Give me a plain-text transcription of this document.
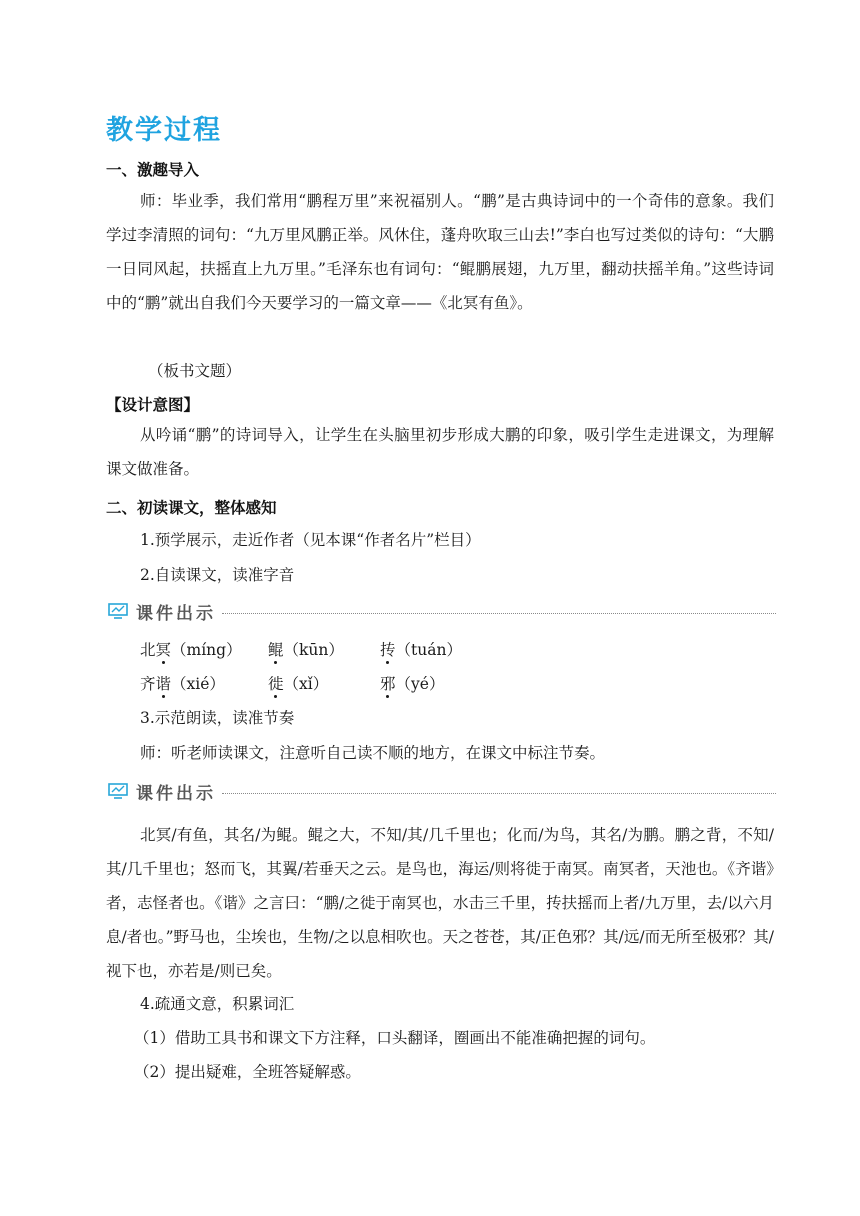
教学过程

一、激趣导入

师：毕业季，我们常用“鹏程万里”来祝福别人。“鹏”是古典诗词中的一个奇伟的意象。我们学过李清照的词句：“九万里风鹏正举。风休住，蓬舟吹取三山去!”李白也写过类似的诗句：“大鹏一日同风起，扶摇直上九万里。”毛泽东也有词句：“鲲鹏展翅，九万里，翻动扶摇羊角。”这些诗词中的“鹏”就出自我们今天要学习的一篇文章——《北冥有鱼》。

（板书文题）

【设计意图】

从吟诵“鹏”的诗词导入，让学生在头脑里初步形成大鹏的印象，吸引学生走进课文，为理解课文做准备。

二、初读课文，整体感知

1.预学展示，走近作者（见本课“作者名片”栏目）

2.自读课文，读准字音

课件出示
北冥（míng）	鲲（kūn）	抟（tuán）
齐谐（xié）	徙（xǐ）	邪（yé）

3.示范朗读，读准节奏

师：听老师读课文，注意听自己读不顺的地方，在课文中标注节奏。

课件出示

北冥/有鱼，其名/为鲲。鲲之大，不知/其/几千里也；化而/为鸟，其名/为鹏。鹏之背，不知/其/几千里也；怒而飞，其翼/若垂天之云。是鸟也，海运/则将徙于南冥。南冥者，天池也。《齐谐》者，志怪者也。《谐》之言曰：“鹏/之徙于南冥也，水击三千里，抟扶摇而上者/九万里，去/以六月息/者也。”野马也，尘埃也，生物/之以息相吹也。天之苍苍，其/正色邪？其/远/而无所至极邪？其/视下也，亦若是/则已矣。

4.疏通文意，积累词汇

（1）借助工具书和课文下方注释，口头翻译，圈画出不能准确把握的词句。

（2）提出疑难，全班答疑解惑。
